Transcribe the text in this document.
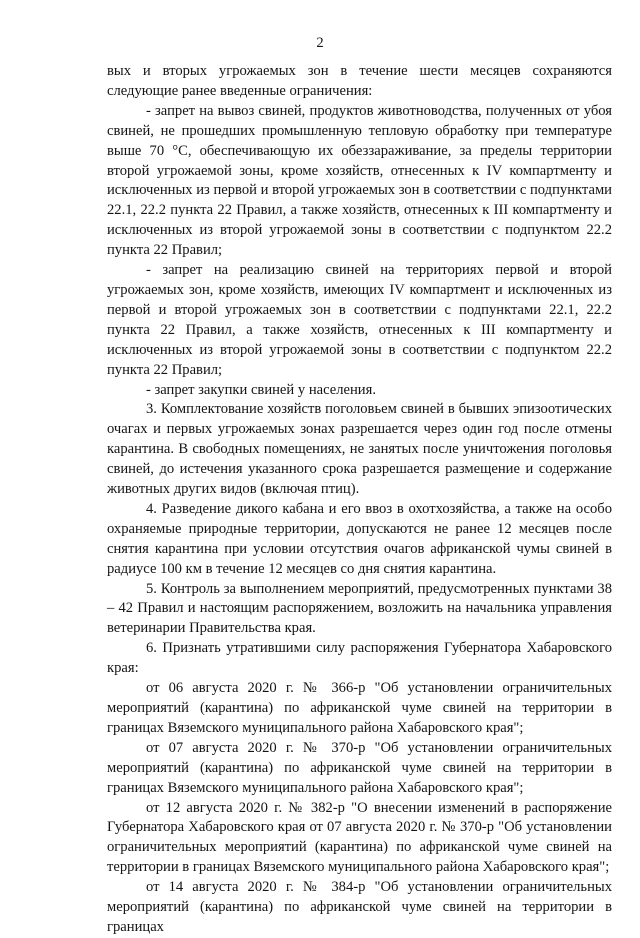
2

вых и вторых угрожаемых зон в течение шести месяцев сохраняются следующие ранее введенные ограничения:

- запрет на вывоз свиней, продуктов животноводства, полученных от убоя свиней, не прошедших промышленную тепловую обработку при температуре выше 70 °С, обеспечивающую их обеззараживание, за пределы территории второй угрожаемой зоны, кроме хозяйств, отнесенных к IV компартменту и исключенных из первой и второй угрожаемых зон в соответствии с подпунктами 22.1, 22.2 пункта 22 Правил, а также хозяйств, отнесенных к III компартменту и исключенных из второй угрожаемой зоны в соответствии с подпунктом 22.2 пункта 22 Правил;

- запрет на реализацию свиней на территориях первой и второй угрожаемых зон, кроме хозяйств, имеющих IV компартмент и исключенных из первой и второй угрожаемых зон в соответствии с подпунктами 22.1, 22.2 пункта 22 Правил, а также хозяйств, отнесенных к III компартменту и исключенных из второй угрожаемой зоны в соответствии с подпунктом 22.2 пункта 22 Правил;

- запрет закупки свиней у населения.

3. Комплектование хозяйств поголовьем свиней в бывших эпизоотических очагах и первых угрожаемых зонах разрешается через один год после отмены карантина. В свободных помещениях, не занятых после уничтожения поголовья свиней, до истечения указанного срока разрешается размещение и содержание животных других видов (включая птиц).

4. Разведение дикого кабана и его ввоз в охотхозяйства, а также на особо охраняемые природные территории, допускаются не ранее 12 месяцев после снятия карантина при условии отсутствия очагов африканской чумы свиней в радиусе 100 км в течение 12 месяцев со дня снятия карантина.

5. Контроль за выполнением мероприятий, предусмотренных пунктами 38 – 42 Правил и настоящим распоряжением, возложить на начальника управления ветеринарии Правительства края.

6. Признать утратившими силу распоряжения Губернатора Хабаровского края:

от 06 августа 2020 г. № 366-р "Об установлении ограничительных мероприятий (карантина) по африканской чуме свиней на территории в границах Вяземского муниципального района Хабаровского края";

от 07 августа 2020 г. № 370-р "Об установлении ограничительных мероприятий (карантина) по африканской чуме свиней на территории в границах Вяземского муниципального района Хабаровского края";

от 12 августа 2020 г. № 382-р "О внесении изменений в распоряжение Губернатора Хабаровского края от 07 августа 2020 г. № 370-р "Об установлении ограничительных мероприятий (карантина) по африканской чуме свиней на территории в границах Вяземского муниципального района Хабаровского края";

от 14 августа 2020 г. № 384-р "Об установлении ограничительных мероприятий (карантина) по африканской чуме свиней на территории в границах
